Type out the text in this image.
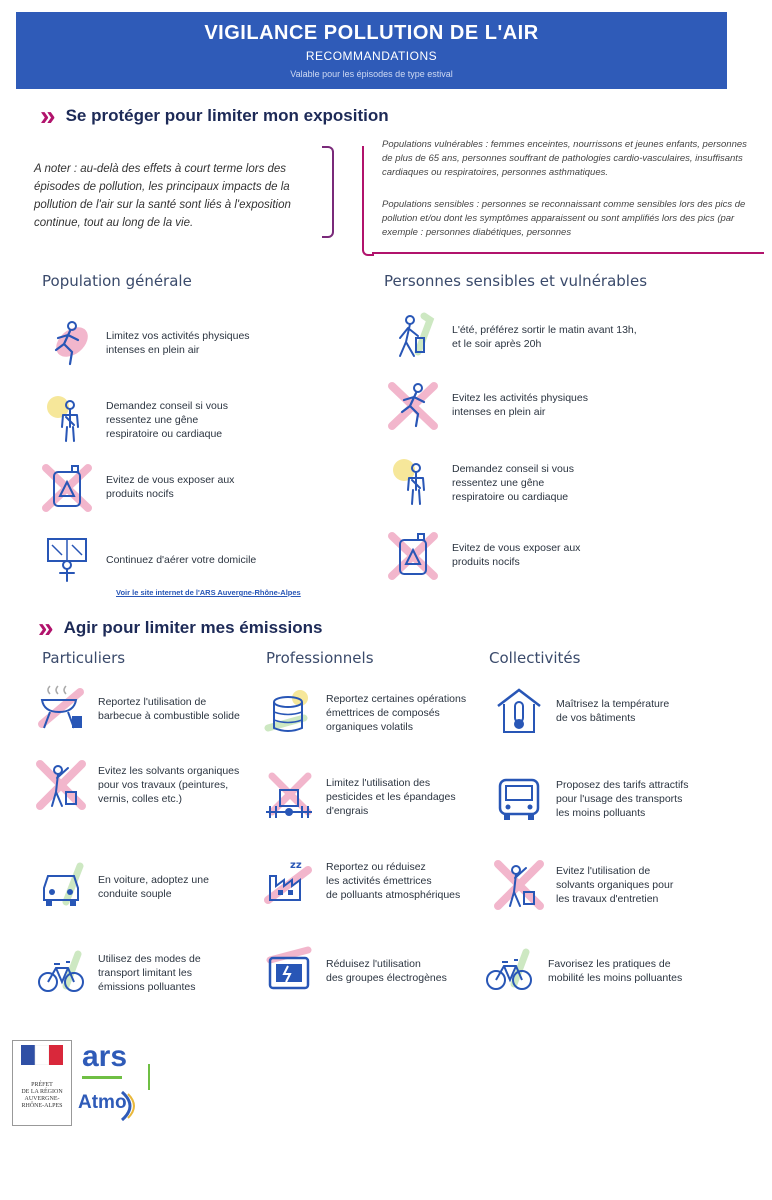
VIGILANCE POLLUTION DE L'AIR
RECOMMANDATIONS
Valable pour les épisodes de type estival
» Se protéger pour limiter mon exposition
A noter : au-delà des effets à court terme lors des épisodes de pollution, les principaux impacts de la pollution de l'air sur la santé sont liés à l'exposition continue, tout au long de la vie.
Populations vulnérables : femmes enceintes, nourrissons et jeunes enfants, personnes de plus de 65 ans, personnes souffrant de pathologies cardio-vasculaires, insuffisants cardiaques ou respiratoires, personnes asthmatiques.
Populations sensibles : personnes se reconnaissant comme sensibles lors des pics de pollution et/ou dont les symptômes apparaissent ou sont amplifiés lors des pics (par exemple : personnes diabétiques, personnes
Population générale	Personnes sensibles et vulnérables
Limitez vos activités physiques
intenses en plein air
Demandez conseil si vous
ressentez une gêne
respiratoire ou cardiaque
Evitez de vous exposer aux
produits nocifs
Continuez d'aérer votre domicile
Voir le site internet de l'ARS Auvergne-Rhône-Alpes
L'été, préférez sortir le matin avant 13h,
et le soir après 20h
Evitez les activités physiques
intenses en plein air
Demandez conseil si vous
ressentez une gêne
respiratoire ou cardiaque
Evitez de vous exposer aux
produits nocifs
» Agir pour limiter mes émissions
Particuliers	Professionnels	Collectivités
Reportez l'utilisation de
barbecue à combustible solide
Evitez les solvants organiques
pour vos travaux (peintures,
vernis, colles etc.)
En voiture, adoptez une
conduite souple
Utilisez des modes de
transport limitant les
émissions polluantes
Reportez certaines opérations
émettrices de composés
organiques volatils
Limitez l'utilisation des
pesticides et les épandages
d'engrais
zz Reportez ou réduisez
les activités émettrices
de polluants atmosphériques
Réduisez l'utilisation
des groupes électrogènes
Maîtrisez la température
de vos bâtiments
Proposez des tarifs attractifs
pour l'usage des transports
les moins polluants
Evitez l'utilisation de
solvants organiques pour
les travaux d'entretien
Favorisez les pratiques de
mobilité les moins polluantes
PRÉFET
DE LA RÉGION
AUVERGNE-
RHÔNE-ALPES
ars
Atmo
